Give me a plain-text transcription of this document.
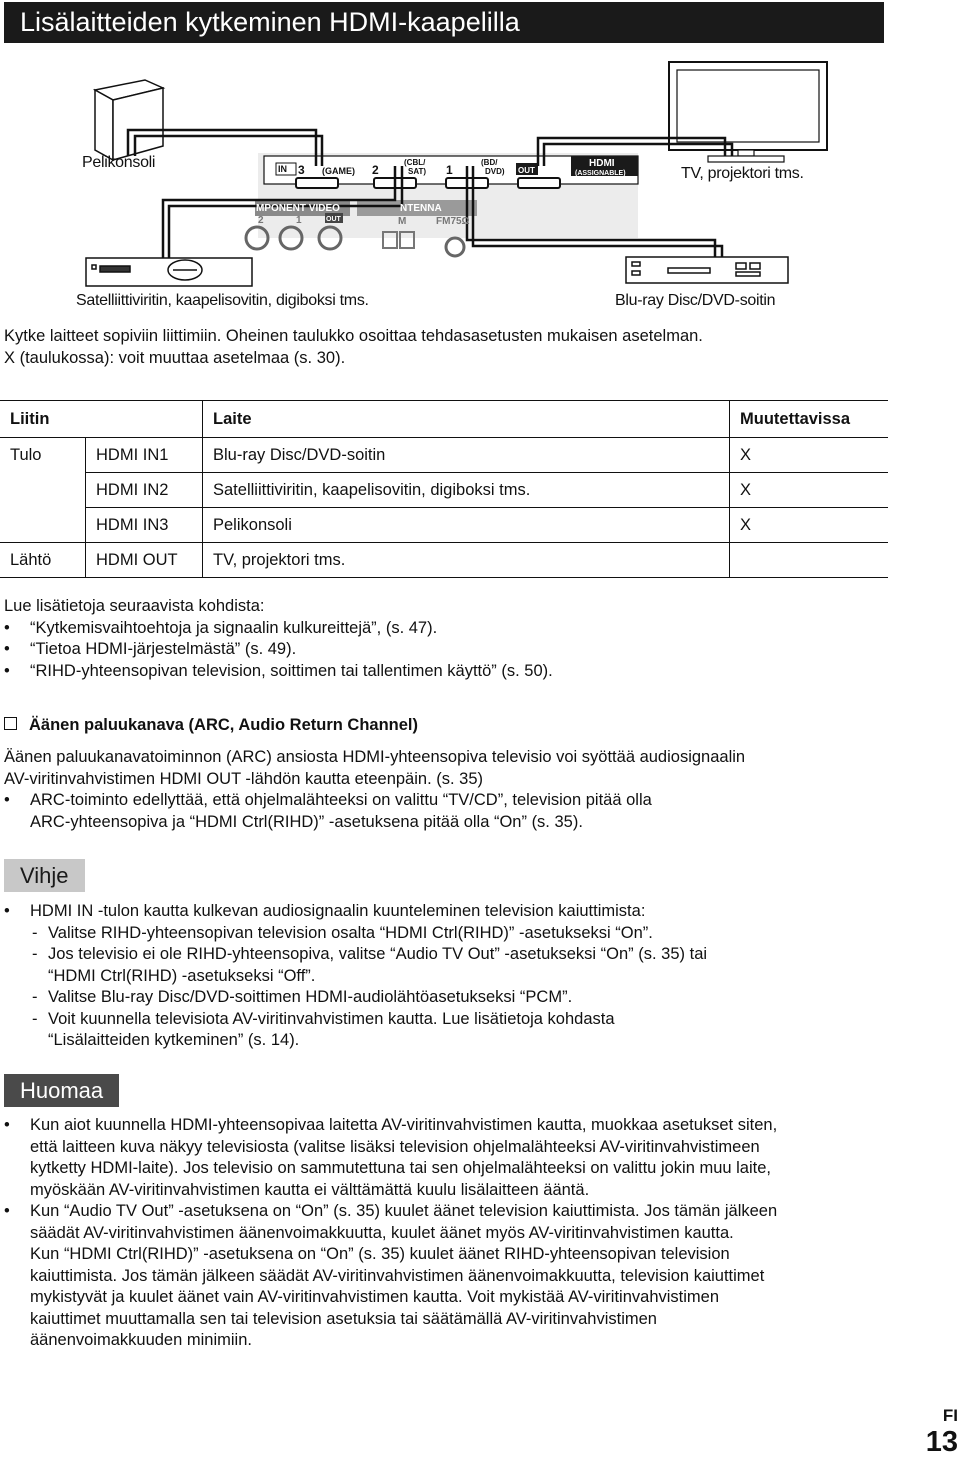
Lisälaitteiden kytkeminen HDMI-kaapelilla
IN 3 (GAME) 2
(CBL/
SAT) 1
(BD/
DVD) OUT
HDMI
(ASSIGNABLE)
MPONENT VIDEO
2	1	OUT
NTENNA
M	FM75Ω
Pelikonsoli
TV, projektori tms.
Satelliittiviritin, kaapelisovitin, digiboksi tms.	Blu-ray Disc/DVD-soitin

Kytke laitteet sopiviin liittimiin. Oheinen taulukko osoittaa tehdasasetusten mukaisen asetelman.

X (taulukossa): voit muuttaa asetelmaa (s. 30).

Liitin		Laite	Muutettavissa
Tulo	HDMI IN1	Blu-ray Disc/DVD-soitin	X
	HDMI IN2	Satelliittiviritin, kaapelisovitin, digiboksi tms.	X
	HDMI IN3	Pelikonsoli	X
Lähtö	HDMI OUT	TV, projektori tms.	

Lue lisätietoja seuraavista kohdista:

• “Kytkemisvaihtoehtoja ja signaalin kulkureittejä”, (s. 47).

• “Tietoa HDMI-järjestelmästä” (s. 49).

• “RIHD-yhteensopivan television, soittimen tai tallentimen käyttö” (s. 50).

Äänen paluukanava (ARC, Audio Return Channel)

Äänen paluukanavatoiminnon (ARC) ansiosta HDMI-yhteensopiva televisio voi syöttää audiosignaalin

AV-viritinvahvistimen HDMI OUT -lähdön kautta eteenpäin. (s. 35)

• ARC-toiminto edellyttää, että ohjelmalähteeksi on valittu “TV/CD”, television pitää olla

ARC-yhteensopiva ja “HDMI Ctrl(RIHD)” -asetuksena pitää olla “On” (s. 35).

Vihje

• HDMI IN -tulon kautta kulkevan audiosignaalin kuunteleminen television kaiuttimista:

- Valitse RIHD-yhteensopivan television osalta “HDMI Ctrl(RIHD)” -asetukseksi “On”.

- Jos televisio ei ole RIHD-yhteensopiva, valitse “Audio TV Out” -asetukseksi “On” (s. 35) tai

“HDMI Ctrl(RIHD) -asetukseksi “Off”.

- Valitse Blu-ray Disc/DVD-soittimen HDMI-audiolähtöasetukseksi “PCM”.

- Voit kuunnella televisiota AV-viritinvahvistimen kautta. Lue lisätietoja kohdasta

“Lisälaitteiden kytkeminen” (s. 14).

Huomaa

• Kun aiot kuunnella HDMI-yhteensopivaa laitetta AV-viritinvahvistimen kautta, muokkaa asetukset siten,

että laitteen kuva näkyy televisiosta (valitse lisäksi television ohjelmalähteeksi AV-viritinvahvistimeen

kytketty HDMI-laite). Jos televisio on sammutettuna tai sen ohjelmalähteeksi on valittu jokin muu laite,

myöskään AV-viritinvahvistimen kautta ei välttämättä kuulu lisälaitteen ääntä.

• Kun “Audio TV Out” -asetuksena on “On” (s. 35) kuulet äänet television kaiuttimista. Jos tämän jälkeen

säädät AV-viritinvahvistimen äänenvoimakkuutta, kuulet äänet myös AV-viritinvahvistimen kautta.

Kun “HDMI Ctrl(RIHD)” -asetuksena on “On” (s. 35) kuulet äänet RIHD-yhteensopivan television

kaiuttimista. Jos tämän jälkeen säädät AV-viritinvahvistimen äänenvoimakkuutta, television kaiuttimet

mykistyvät ja kuulet äänet vain AV-viritinvahvistimen kautta. Voit mykistää AV-viritinvahvistimen

kaiuttimet muuttamalla sen tai television asetuksia tai säätämällä AV-viritinvahvistimen

äänenvoimakkuuden minimiin.

FI
13
